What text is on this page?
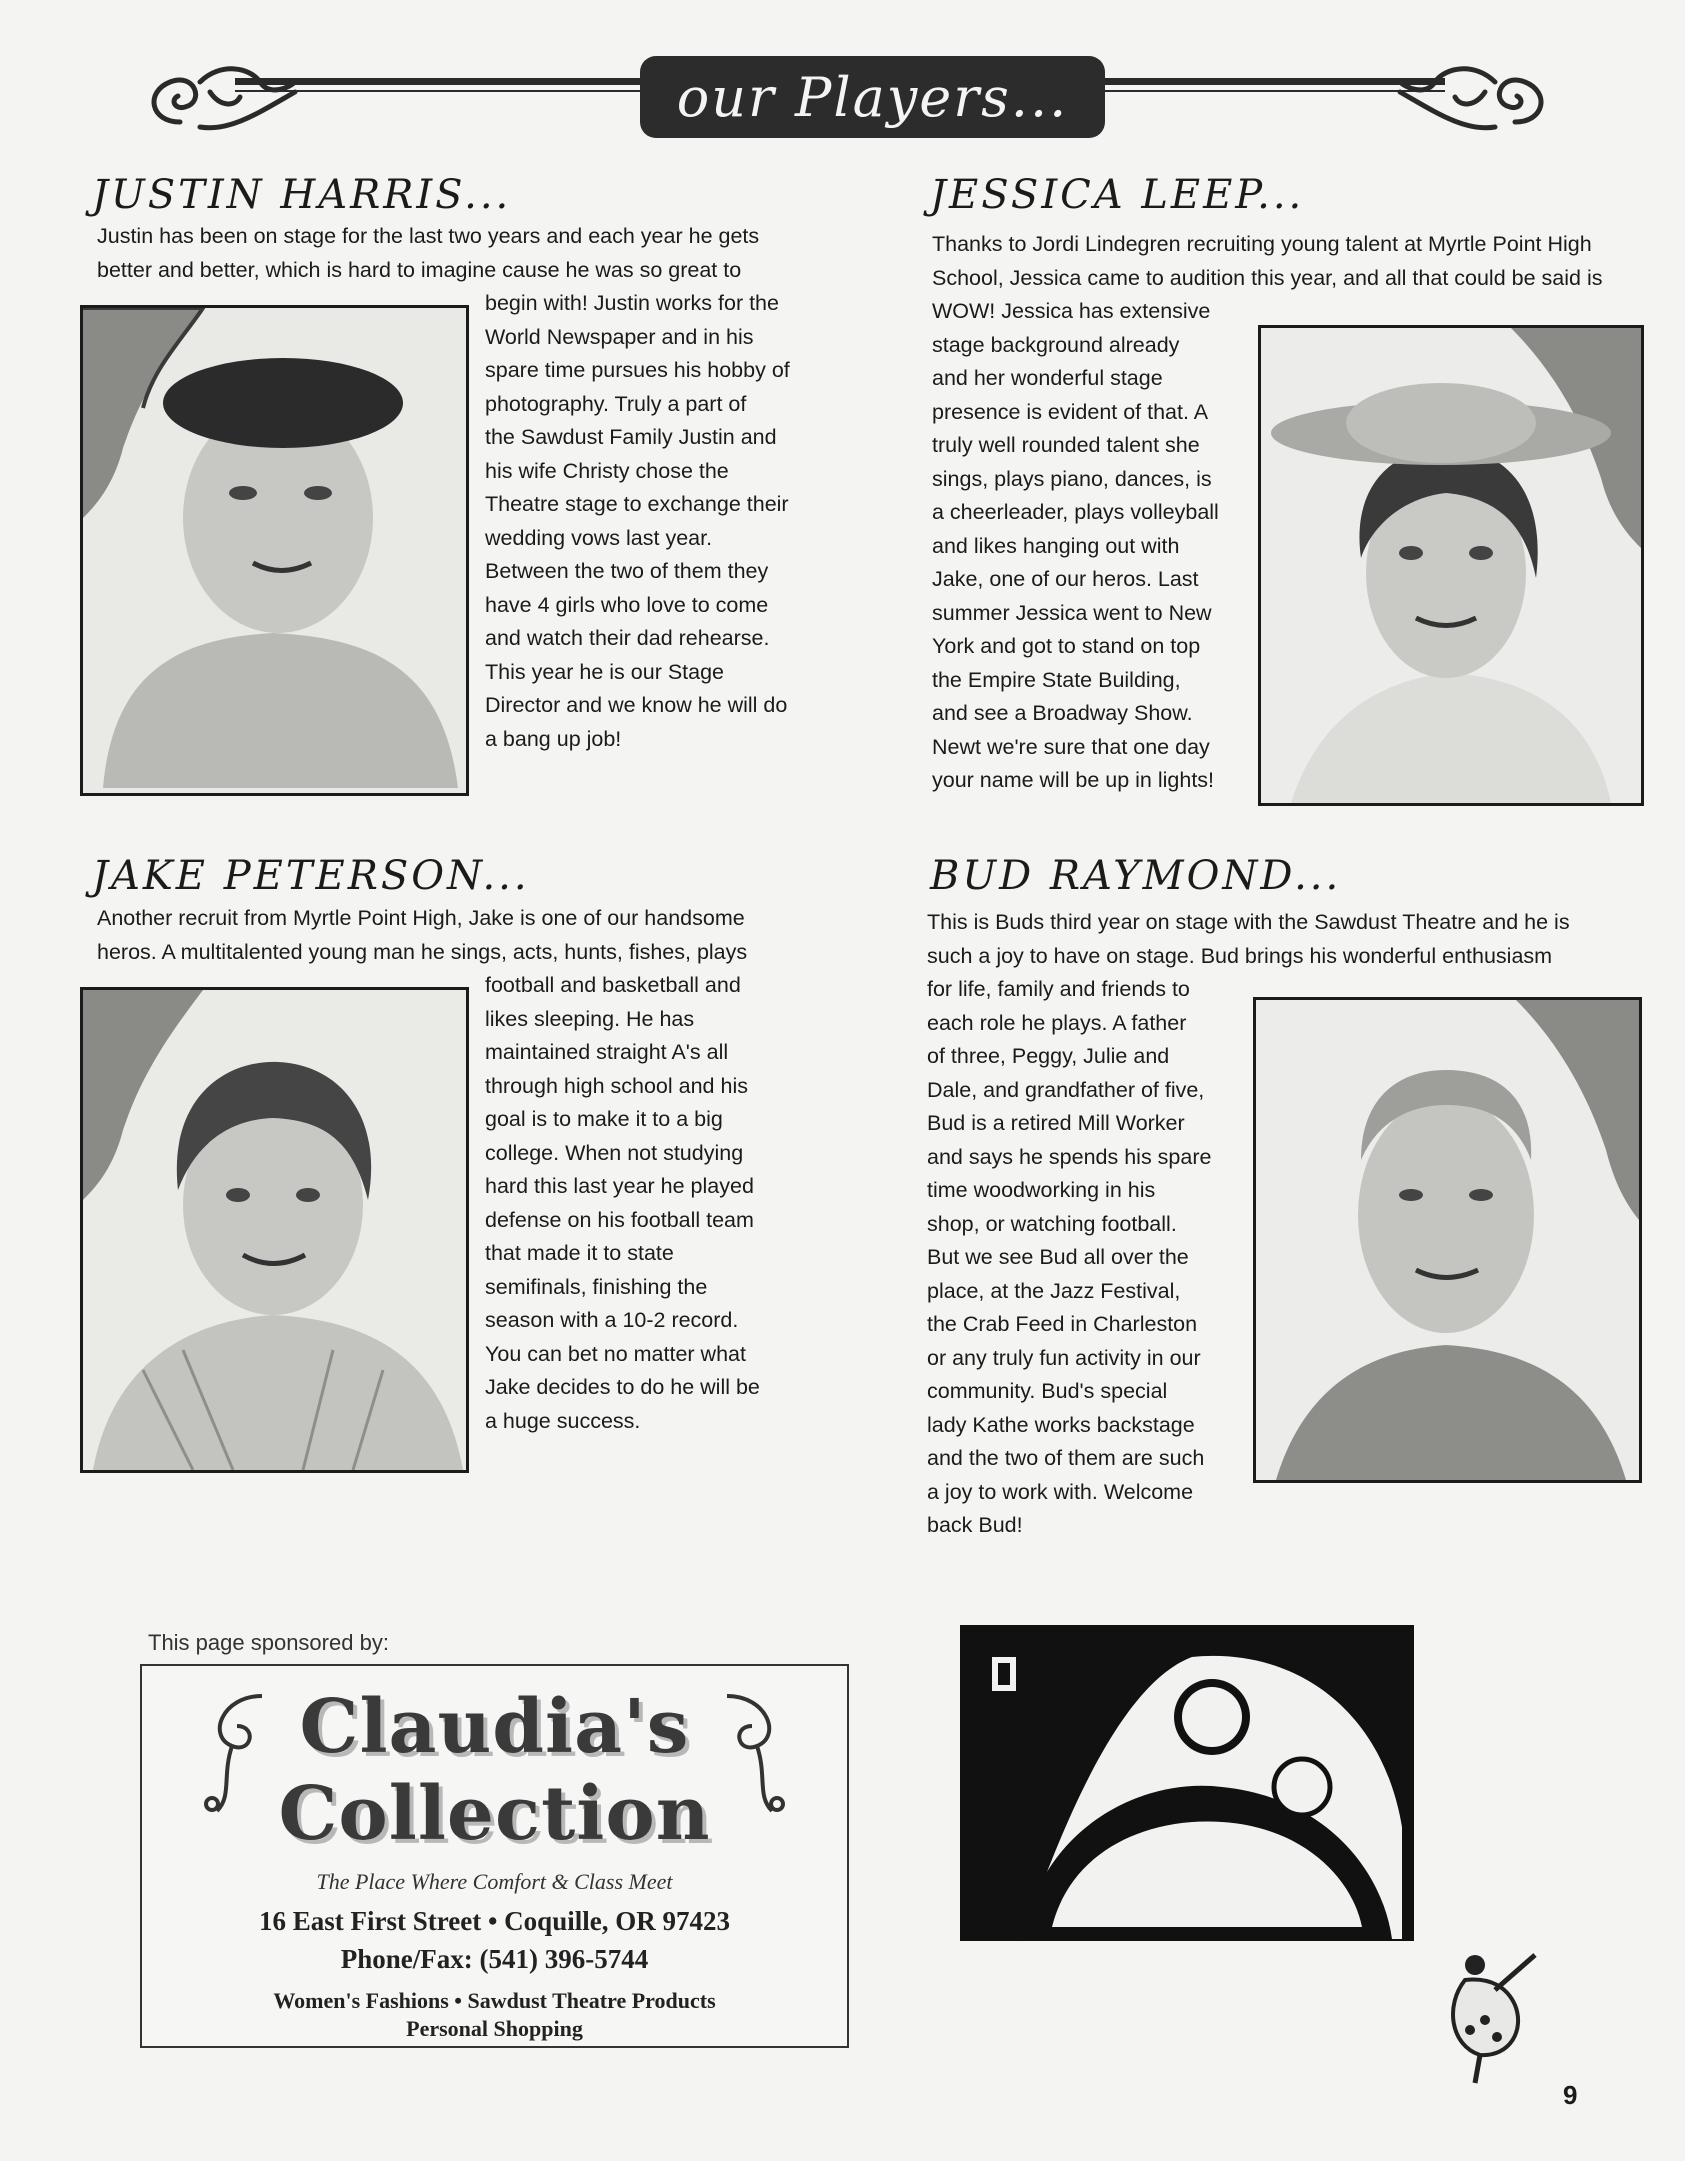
our Players...
JUSTIN HARRIS...
Justin has been on stage for the last two years and each year he gets
better and better, which is hard to imagine cause he was so great to
begin with! Justin works for the
World Newspaper and in his
spare time pursues his hobby of
photography. Truly a part of
the Sawdust Family Justin and
his wife Christy chose the
Theatre stage to exchange their
wedding vows last year.
Between the two of them they
have 4 girls who love to come
and watch their dad rehearse.
This year he is our Stage
Director and we know he will do
a bang up job!
JESSICA LEEP...
Thanks to Jordi Lindegren recruiting young talent at Myrtle Point High
School, Jessica came to audition this year, and all that could be said is
WOW! Jessica has extensive
stage background already
and her wonderful stage
presence is evident of that. A
truly well rounded talent she
sings, plays piano, dances, is
a cheerleader, plays volleyball
and likes hanging out with
Jake, one of our heros. Last
summer Jessica went to New
York and got to stand on top
the Empire State Building,
and see a Broadway Show.
Newt we're sure that one day
your name will be up in lights!
JAKE PETERSON...
Another recruit from Myrtle Point High, Jake is one of our handsome
heros. A multitalented young man he sings, acts, hunts, fishes, plays
football and basketball and
likes sleeping. He has
maintained straight A's all
through high school and his
goal is to make it to a big
college. When not studying
hard this last year he played
defense on his football team
that made it to state
semifinals, finishing the
season with a 10-2 record.
You can bet no matter what
Jake decides to do he will be
a huge success.
BUD RAYMOND...
This is Buds third year on stage with the Sawdust Theatre and he is
such a joy to have on stage. Bud brings his wonderful enthusiasm
for life, family and friends to
each role he plays. A father
of three, Peggy, Julie and
Dale, and grandfather of five,
Bud is a retired Mill Worker
and says he spends his spare
time woodworking in his
shop, or watching football.
But we see Bud all over the
place, at the Jazz Festival,
the Crab Feed in Charleston
or any truly fun activity in our
community. Bud's special
lady Kathe works backstage
and the two of them are such
a joy to work with. Welcome
back Bud!
This page sponsored by:
Claudia's
Collection
The Place Where Comfort & Class Meet
16 East First Street • Coquille, OR 97423
Phone/Fax: (541) 396-5744
Women's Fashions • Sawdust Theatre Products
Personal Shopping
9
